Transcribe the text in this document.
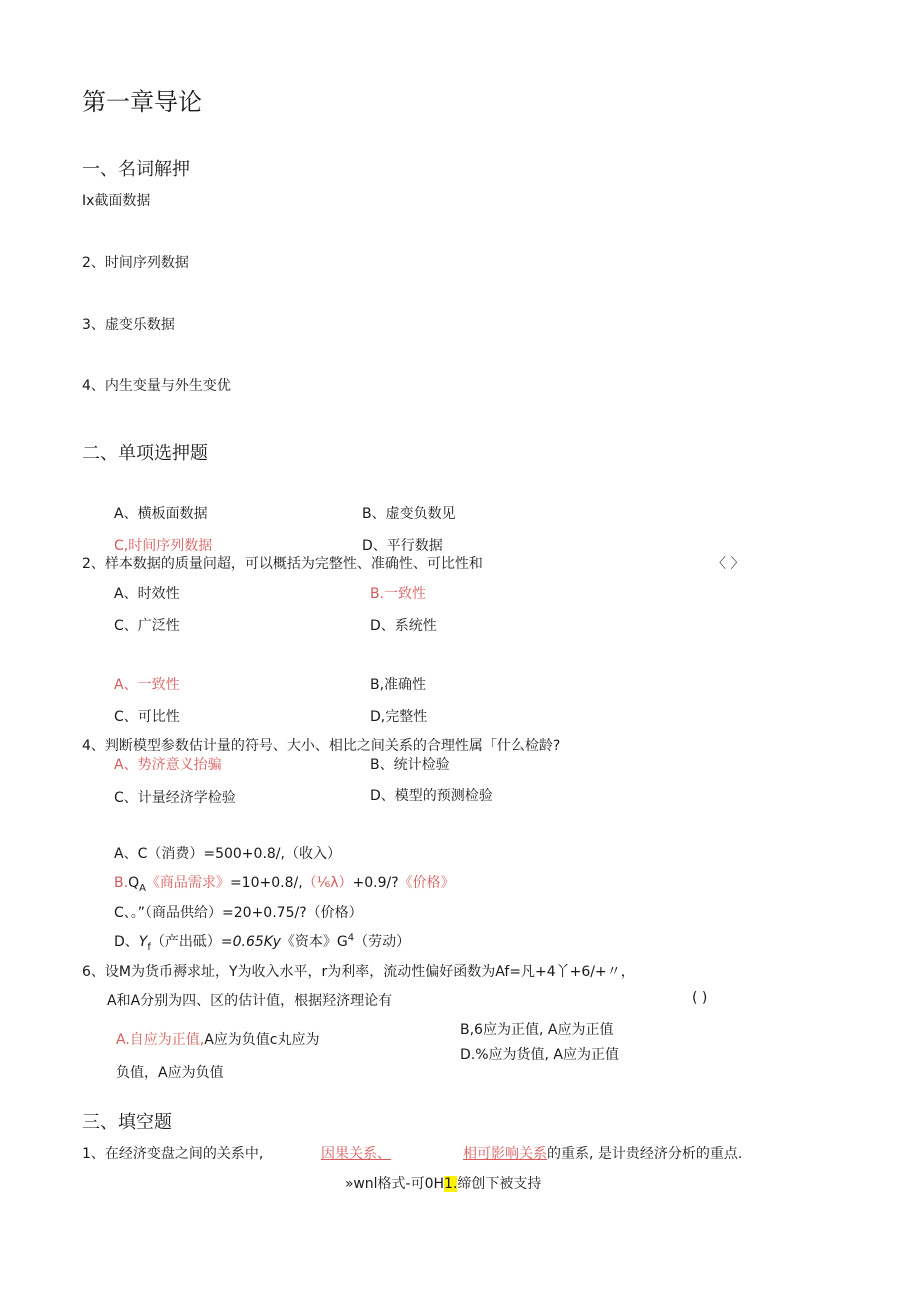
第一章导论
一、名词解押
Ix截面数据
2、时间序列数据
3、虚变乐数据
4、内生变量与外生变优
二、单项选押题
A、横板面数据	B、虚变负数见
C,时间序列数据	D、平行数据
2、样本数据的质量问超，可以概括为完整性、准确性、可比性和	〈 〉
A、时效性	B.一致性
C、广泛性	D、系统性
A、一致性	B,准确性
C、可比性	D,完整性
4、判断模型参数估计量的符号、大小、相比之间关系的合理性属「什么检龄?
A、势济意义抬骗	B、统计检验
C、计量经济学检验	D、模型的预测检验
A、C（消费）=500+0.8/,（收入）
$B.Q_A$《商品需求》=10+0.8/,（⅙λ）+0.9/?《价格》
C、。”（商品供给）=20+0.75/?（价格）
D、$Y_f$（产出砥）=0.65Ky《资本》$G^4$（劳动）
6、设M为货币褥求址，Y为收入水平，r为利率，流动性偏好函数为Af=凡+4丫+6/+〃，
A和A分别为四、区的估计值，根据羟济理论有	( )
A.自应为正值,A应为负值c丸应为
负值，A应为负值
B,6应为正值, A应为正值
D.%应为货值, A应为正值
三、填空题
1、在经济变盘之间的关系中,	因果关系、	相可影响关系的重系, 是计贵经济分析的重点.
»wnl格式-可0H1.缔创下被支持
